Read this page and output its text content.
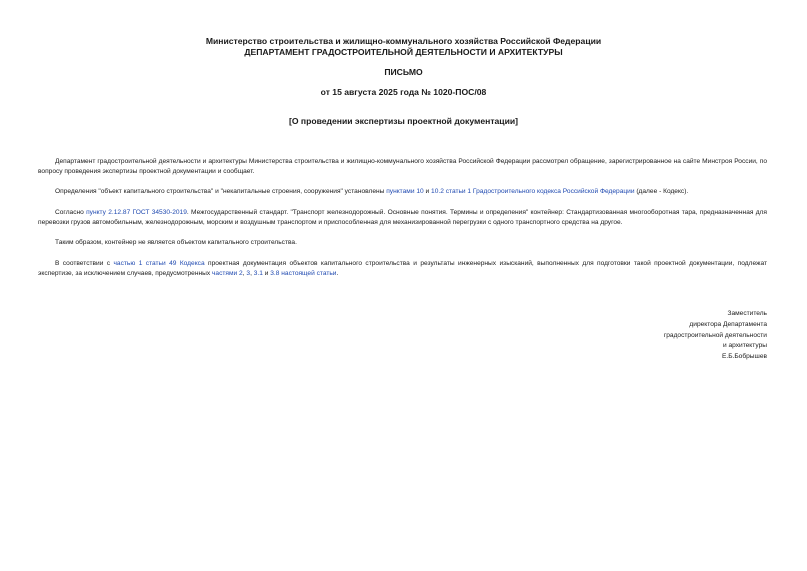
Министерство строительства и жилищно-коммунального хозяйства Российской Федерации
ДЕПАРТАМЕНТ ГРАДОСТРОИТЕЛЬНОЙ ДЕЯТЕЛЬНОСТИ И АРХИТЕКТУРЫ
ПИСЬМО
от 15 августа 2025 года № 1020-ПОС/08
[О проведении экспертизы проектной документации]

Департамент градостроительной деятельности и архитектуры Министерства строительства и жилищно-коммунального хозяйства Российской Федерации рассмотрел обращение, зарегистрированное на сайте Минстроя России, по вопросу проведения экспертизы проектной документации и сообщает.

Определения "объект капитального строительства" и "некапитальные строения, сооружения" установлены пунктами 10 и 10.2 статьи 1 Градостроительного кодекса Российской Федерации (далее - Кодекс).

Согласно пункту 2.12.87 ГОСТ 34530-2019. Межгосударственный стандарт. "Транспорт железнодорожный. Основные понятия. Термины и определения" контейнер: Стандартизованная многооборотная тара, предназначенная для перевозки грузов автомобильным, железнодорожным, морским и воздушным транспортом и приспособленная для механизированной перегрузки с одного транспортного средства на другое.

Таким образом, контейнер не является объектом капитального строительства.

В соответствии с частью 1 статьи 49 Кодекса проектная документация объектов капитального строительства и результаты инженерных изысканий, выполненных для подготовки такой проектной документации, подлежат экспертизе, за исключением случаев, предусмотренных частями 2, 3, 3.1 и 3.8 настоящей статьи.

Заместитель
директора Департамента
градостроительной деятельности
и архитектуры
Е.Б.Бобрышев
